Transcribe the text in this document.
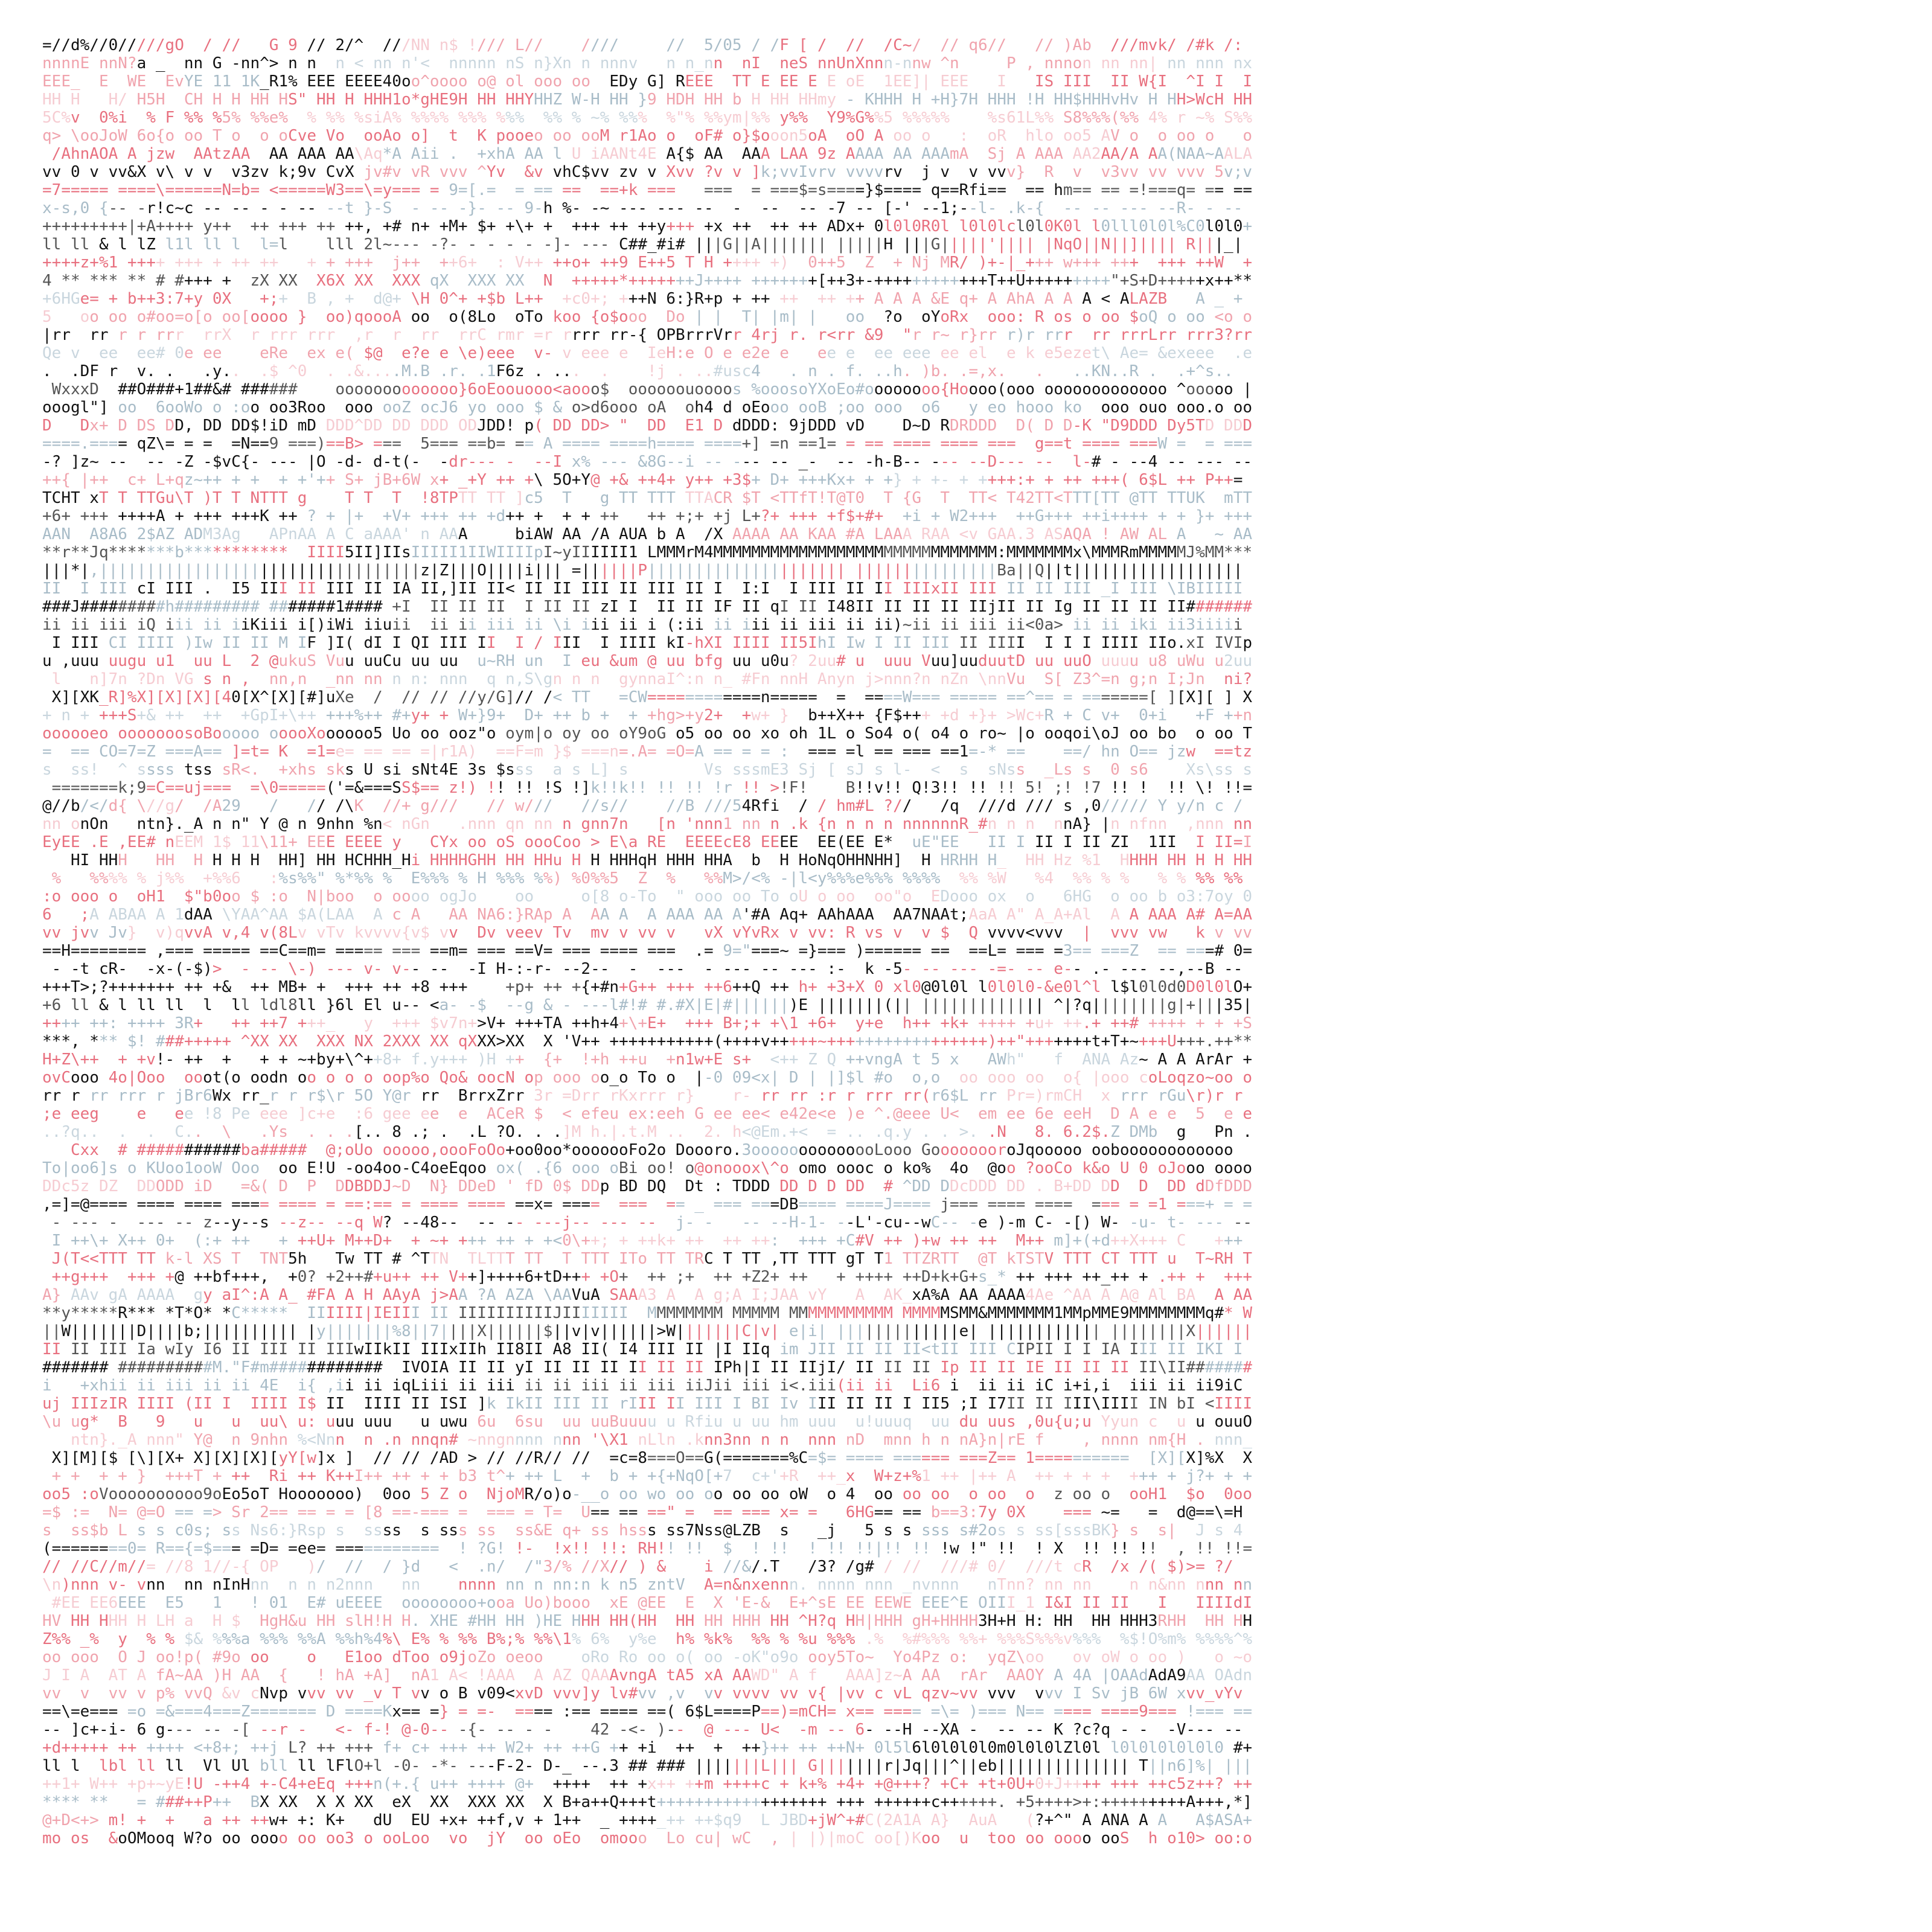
=//d%//0/////gO / // G 9 // 2/^ ///NN n$ !/// L// ////	// 5/05 / /F [ / // /C~/ // q6// // )Ab ///mvk/ /#k /:
nnnnE nnN?a _ nn G -nn^> n n n < nn n'< nnnnn nS n}Xn n nnnv n n_nn nI neS nnUnXnnn-nnw ^n	P , nnnon nn nn| nn nnn nx
EEE_ E WE EvYE 11 1K_R1% EEE EEEE40oo^oooo o@ ol ooo oo EDy G] REEE TT E EE E E oE 1EE]| EEE I IS III II W{I ^I I I
HH H H/ H5H CH H H HH HS" HH H HHH1o*gHE9H HH HHYHHZ W-H HH }9 HDH HH b H HH HHmy - KHHH H +H}7H HHH !H HH$HHHvHv H HH>WcH HH
5C%v 0%i % F %% %5% %%e% % %% %siA% %%%% %%% %%% %% % ~% %%% %"% %%ym|%% y%% Y9%G%%5 %%%%% %s61L%% S8%%%(%% 4% r ~% S%%
q> \ooJoW 6o{o oo T o o oCve Vo ooAo o] t K pooeo oo ooM r1Ao o oF# o}$ooon5oA oO A oo o : oR hlo oo5 AV o o oo o o
/AhnAOA A jzw AAtzAA AA AAA AA\Aq*A Aii . +xhA AA l U iAANt4E A{$ AA AAA LAA 9z AAAA AA AAAmA Sj A AAA AA2AA/A AA(NAA~AALA
vv 0 v vv&X v\ v v v3zv k;9v CvX jv#v vR vvv ^Yv &v vhC$vv zv v Xvv ?v v ]k;vvIvrv vvvvrv j v v vvv} R v v3vv vv vvv 5v;v
=7===== ====\======N=b= <=====W3==\=y=== = 9=[.= = == == ==+k === === = ===$=s====}$==== q==Rfi== == hm== == =!===q= == ==
x-s,0 {-- -r!c~c -- -- - - -- --t }-S - -- -}- -- 9-h %- -~ --- --- -- - -- -- -7 -- [-' --1;--l- .k-{ -- -- --- --R- - --
+++++++++|+A++++ y++ ++ +++ ++ ++, +# n+ +M+ $+ +\+ + +++ ++ ++y+++ +x ++ ++ ++ ADx+ 0l0l0R0l l0l0lcl0l0K0l l0lll0l0l%C0l0l0+
ll ll & l lZ l1l ll l l=l lll 2l~--- -?- - - - - -]- --- C##_#i# |||G||A||||||| |||||H |||G|||||'|||| |NqO||N||]|||| R|||_|
++++z+%1 ++++ +++ + ++ ++ + + +++ j++ ++6+ : V++ ++o+ ++9 E++5 T H ++++ +) 0++5 Z + Nj MR/ )+-|_+++ w+++ +++ +++ ++W +
4 ** *** ** # #+++ + zX XX X6X XX XXX qX XXX XX N +++++*+++++++J++++ +++++++[++3+-++++++++++++T++U+++++++++"+S+D+++++x++**
+6HGe= + b++3:7+y 0X +;+ B , + d@+ \H 0^+ +$b L++ +c0+; +++N 6:}R+p + ++ ++ ++ ++ A A A &E q+ A AhA A A A < ALAZB A _ +
5 oo oo o#oo=o[o oo[oooo } oo)qoooA oo o(8Lo oTo koo {o$ooo Do | | T| |m| | oo ?o oYoRx ooo: R os o oo $oQ o oo <o o
|rr rr r r rrr rrX r rrr rrr ,r r rr rrC rmr =r rrrr rr-{ OPBrrrVrr 4rj r. r<rr &9 "r r~ r}rr r)r rrr rr rrrLrr rrr3?rr
Qe v ee ee# 0e ee eRe ex e( $@ e?e e \e)eee v- v eee e IeH:e O e e2e e ee e ee eee ee el e k e5ezet\ Ae= &exeee .e
. .DF r v. . .y.. .$ ^0 . .&....M.B .r. .1F6z . ... . !j . ..#usc4 . n . f. ..h. )b. .=,x. . ..KN..R . .+^s..
WxxxD ##O###+1##&# ###### ooooooooooooo}6oEoouooo<aooo$ oooooouoooos %ooosoYXoEo#oooooooo{Hoooo(ooo ooooooooooooo ^ooooo |
ooogl"] oo 6ooWo o :oo oo3Roo ooo ooZ ocJ6 yo ooo $ & o>d6ooo oA oh4 d oEooo ooB ;oo ooo o6 y eo hooo ko ooo ouo ooo.o oo
D Dx+ D DS DD, DD DD$!iD mD DDD^DD DD DDD ODJDD! p( DD DD> " DD E1 D dDDD: 9jDDD vD D~D RDRDDD D( D D-K "D9DDD Dy5TD DDD
====.==== qZ\= = = =N==9 ===)==B> === 5=== ==b= == A ==== ====h==== ====+] =n ==1= = == ==== ==== === g==t ==== ===W = = ===
-? ]z~ -- -- -Z -$vC{- --- |O -d- d-t(- -dr--- - --I x% --- &8G--i -- --- -- _- -- -h-B-- --- --D--- -- l-# - --4 -- --- --
++{ |++ c+ L+qz~++ + + + +'++ S+ jB+6W x+ _+Y ++ +\ 5O+Y@ +& ++4+ y++ +3$+ D+ +++Kx+ + +} + +- + ++++:+ + ++ +++( 6$L ++ P++=
TCHT xT T TTGu\T )T T NTTT g T T T !8TPTT TT ]c5 T g TT TTT TTACR $T <TTfT!T@T0 T {G T TT< T42TT<TTT[TT @TT TTUK mTT
+6+ +++ ++++A + +++ +++K ++ ? + |+ +V+ +++ ++ +d++ + + + ++ ++ +;+ +j L+?+ +++ +f$+#+ +i + W2+++ ++G+++ ++i++++ + + }+ +++
AAN A8A6 2$AZ ADM3Ag APnAA A C aAAA' n AAA	biAW AA /A AUA b A /X AAAA AA KAA #A LAAA RAA <v GAA.3 ASAQA ! AW AL A ~ AA
**r**Jq*******b*********** IIII5II]IIsIIIII1IIWIIIIpI~yIIIIII1 LMMMrM4MMMMMMMMMMMMMMMMMMMMMMMMMMMMMM:MMMMMMMx\MMMRmMMMMMJ%MM***
|||*|,||||||||||||||||||||||||||||||||||z|Z|||O||||i||| =||||||P||||||||||||||||||||| |||||||||||||||Ba||Q||t||||||||||||||||||
II I III cI III . I5 III II III II IA II,]II II< II II III II III II I I:I I III II II IIIxII III II II III _I III \IBIIIII
###J#########h######### #######1#### +I II II II I II II zI I II II IF II qI II I48II II II II IIjII II Ig II II II II#######
ii ii iii iQ iii ii iiKiii i[)iWi iiuii ii ii iii ii \i iii ii i (:ii ii iii ii iii ii ii)~ii ii iii ii<0a> ii ii iki ii3iiiii
I III CI IIII )Iw II II M IF ]I( dI I QI III II I / III I IIII kI-hXI IIII II5IhI Iw I II III II IIII I I I IIII IIo.xI IVIp
u ,uuu uugu u1 uu L 2 @ukuS Vuu uuCu uu uu u~RH un I eu &um @ uu bfg uu u0u? 2uu# u uuu Vuu]uuduutD uu uuO uuuu u8 uWu u2uu
l n]7n ?Dn VG s n , nn,n _nn nn n n: nnn q n,S\gn n n gynnaI^:n n_ #Fn nnH Anyn j>nnn?n nZn \nnVu S[ Z3^=n g;n I;Jn ni?
X][XK_R]%X][X][X][40[X^[X][#]uXe / // // //y/G]// /< TT =CW============n===== = ====W=== ===== ==^== = =======[ ][X][ ] X
+ n + +++S+& ++ ++ +GpI+\++ +++%++ #+y+ + W+}9+ D+ ++ b + + +hg>+y2+ +w+ } b++X++ {F$+++ +d +}+ >Wc+R + C v+ 0+i +F ++n
oooooeo ooooooosoBooooo ooooXoooooo5 Uo oo ooz"o oym|o oy oo oY9oG o5 oo oo xo oh 1L o So4 o( o4 o ro~ |o ooqoi\oJ oo bo o oo T
= == CO=7=Z ===A== ]=t= K =1=e= == == =|r1A) ==F=m }$ ===n=.A= =O=A == = = : === =l == === ==1=-* == ==/ hn O== jzw ==tz
s ss! ^ ssss tss sR<. +xhs sks U si sNt4E 3s $sss a s L] s	Vs sssmE3 Sj [ sJ s l- < s sNss _Ls s 0 s6 Xs\ss s
=======k;9=C==uj=== =\0=====('=&===SS$== z!) !! !! !S !]k!!k!! !! !! !r !! >!F! B!!v!! Q!3!! !! !! 5! ;! !7 !! ! !! \! !!=
@//b/</d{ \//g/ /A29 / // /\K //+ g/// // w/// //s// //B ///54Rfi / / hm#L ?// /q ///d /// s ,0///// Y y/n c /
nn onOn ntn}._A n n" Y @ n 9nhn %n< nGn .nnn qn nn n gnn7n [n 'nnn1 nn n .k {n n n n nnnnnnR_#n n n nnA} |n nfnn ,nnn nn
EyEE .E ,EE# nEEM 1$ 11\11+ EEE EEEE y CYx oo oS oooCoo > E\a RE EEEEcE8 EEEE EE(EE E* uE"EE II I II I II ZI 1II I II=I
HI HHH HH H H H H HH] HH HCHHH_Hi HHHHGHH HH HHu H H HHHqH HHH HHA b H HoNqOHHNHH] H HRHH H_ HH Hz %1 HHHH HH H H HH
% %%%% % j%% +%%6 :%s%%" %*%% % E%%% % H %%% %%) %0%%5 Z % %%M>/<% -|l<y%%%e%%% %%%% %% %W %4 %% % % % % %% %%
:o ooo o oH1 $"b0oo $ :o N|boo o oooo ogJo oo	o[8 o-To " ooo oo To oU o oo oo"o EDooo ox o 6HG o oo b o3:7oy 0
6 ;A ABAA A 1dAA \YAA^AA $A(LAA A c A AA NA6:}RAp A AA A A AAA AA A'#A Aq+ AAhAAA AA7NAAt;AaA A" A_A+Al A A AAA A# A=AA
vv jvv Jv} v)qvvA v,4 v(8Lv vTv kvvvv{v$ vv Dv veev Tv mv v vv v vX vYvRx v vv: R vs v v $ Q vvvv<vvv | vvv vw k v vv
==H======== ,=== ===== ==C==m= ===== === ==m= === ==V= === ==== === .= 9="===~ =}=== )====== == ==L= === =3== ===Z == ===# 0=
- -t cR- -x-(-$)> - -- \-) --- v- v-- -- -I H-:-r- --2-- - --- - --- -- --- :- k -5- -- --- -=- -- e-- .- --- --,--B --
+++T>;?+++++++ ++ +& ++ MB+ + +++ ++ +8 +++ +p+ ++ +{+#n+G++ +++ ++6++Q ++ h+ +3+X 0 xl0@0l0l l0l0l0-&e0l^l l$l0l0d0D0l0lO+
+6 ll & l ll ll l ll ldl8ll }6l El u-- <a- -$ --g & - ---l#!# #.#X|E|#||||||)E |||||||(|| ||||||||||||| ^|?q||||||||g|+|||35|
++++ ++: ++++ 3R+ ++ ++7 +++_ y +++ $v7n+>V+ +++TA ++h+4+\+E+ +++ B+;+ +\1 +6+ y+e h++ +k+ ++++ +u+ ++.+ ++# ++++ + + +S
***, *** $! ###+++++ ^XX XX XXX NX 2XXX XX qXXX>XX X 'V++ +++++++++++(++++v+++++~+++++++++++++++++)++"+++++++t+T+~+++U+++.++**
H+Z\++ + +v!- ++ + + + ~+by+\^++8+ f.y+++ )H ++ {+ !+h ++u +n1w+E s+ <++ Z Q ++vngA t 5 x AWh" f ANA Az~ A A ArAr +
ovCooo 4o|Ooo ooot(o oodn oo o o o oop%o Qo& oocN op ooo oo_o To o |-0 09<x| D | |]$l #o o,o oo ooo oo o{ |ooo coLoqzo~oo o
rr r rr rrr r jBr6Wx rr_r r r$\r 5O Y@r rr BrrxZrr 3r =Drr rKxrrr r} r- rr rr :r r rrr rr(r6$L rr Pr=)rmCH x rrr rGu\r)r r
;e eeg e ee !8 Pe eee ]c+e :6 gee ee e ACeR $ < efeu ex:eeh G ee ee< e42e<e )e ^.@eee U< em ee 6e eeH D A e e 5 e e
..?q.. . . C.. \ .Ys . . .[.. 8 .; . .L ?O. . .]M h.|.t.M .. 2. h<@Em.+< = .. .q.y . . >. .N 8. 6.2$.Z DMb g Pn .
Cxx # ###########ba##### @;oUo ooooo,oooFoOo+oo0oo*ooooooFo2o Doooro.3oooooooooooooLooo GoooooooroJqooooo ooboooooooooooo
To|oo6]s o KUoo1ooW Ooo oo E!U -oo4oo-C4oeEqoo ox( .{6 ooo oBi oo! o@onooox\^o omo oooc o ko% 4o @oo ?ooCo k&o U 0 oJooo oooo
DDc5z DZ DDODD iD =&( D P DDBDDJ~D N} DDeD ' fD 0$ DDp BD DQ Dt : TDDD DD D D DD # ^DD DDcDDD DD . B+DD DD D DD dDfDDD
,=]=@==== ==== ==== ==== ==== = ==:== = ==== ==== ==x= ==== === == _ === ===DB==== ====J==== j=== ==== ==== === = =1 ===+ = =
- --- - --- -- z--y--s --z-- --q W? --48-- -- -- ---j-- --- -- j- - -- --H-1- --L'-cu--wC-- -e )-m C- -[) W- -u- t- --- --
I ++\+ X++ 0+ (:+ ++ + ++U+ M++D+ + ~+ +++ ++ + +<0\++; + ++k+ ++ ++ ++: +++ +C#V ++ )+w ++ ++ M++ m]+(+d++X+++ C +++
J(T<<TTT TT k-l XS T TNT5h Tw TT # ^TTN TLTTT TT T TTT ITo TT TRC T TT ,TT TTT gT T1 TTZRTT @T kTSTV TTT CT TTT u T~RH T
++g+++ +++ +@ ++bf+++, +0? +2++#+u++ ++ V++]++++6+tD+++ +O+ ++ ;+ ++ +Z2+ ++ + ++++ ++D+k+G+s_* ++ +++ ++_++ + .++ + +++
A} AAv gA AAAA gy aI^:A A_ #FA A H AAyA j>AA ?A AZA \AAVuA SAAA3 A A g;A I;JAA vY A AK_xA%A AA AAAA4Ae ^AA A A@ Al BA A AA
**y*****R*** *T*O* *C***** IIIIII|IEIII II IIIIIIIIIIJIIIIIII MMMMMMMM MMMMM MMMMMMMMMMM MMMMMSMM&MMMMMMM1MMpMME9MMMMMMMMq#* W
||W|||||||D||||b;|||||||||| |y|||||||%8||7||||X||||||$||v|v||||||>W|||||||C|v| e|i| |||||||||||||e| |||||||||||| ||||||||X||||||
II II III Ia wIy I6 II III II IIIwIIkII IIIxIIh II8II A8 II( I4 III II |I IIq im JII II II II<tII III CIPII I I IA III II IKI I
####### ##########M."F#m############ IVOIA II II yI II II II II II II IPh|I II IIjI/ II II II Ip II II IE II II II II\II#######
i +xhii ii iii ii ii 4E i{ ,ii ii iqLiii ii iii ii ii iii ii iii iiJii iii i<.iii(ii ii Li6 i ii ii iC i+i,i iii ii ii9iC
uj IIIzIR IIII (II I IIII I$ II IIII II ISI ]k IkII III II rIII II III I BI Iv III II II I II5 ;I I7II II III\IIII IN bI <IIII
\u ug* B 9 u u uu\ u: uuu uuu u uwu 6u 6su uu uuBuuuu u Rfiu u uu hm uuu u!uuuq uu du uus ,0u{u;u Yyun c u u ouuO
ntn}._A nnn" Y@ n 9nhn %<Nnn n .n nnqn# ~nngnnnn nnn '\X1 nLln .knn3nn n n nnn nD mnn h n nA}n|rE f , nnnn nm{H . nnn_
X][M][$ [\][X+ X][X][X][yY[w]x ] // // /AD > // //R// // =c=8===O==G(=======%C=$= ==== ====== ===Z== 1========== [X][X]%X X
+ + + + } +++T + ++ Ri ++ K++I++ ++ + + b3 t^+ ++ L + b + +{+NqO[+7 c+'+R ++_x W+z+%1 ++ |++ A ++ + + + +++ + j?+ + +
oo5 :oVoooooooooo9oEo5oT Hooooooo) 0oo 5 Z o NjoMR/o)o-__o oo wo oo oo oo oo oW o 4 oo oo oo o oo o z oo o ooH1 $o 0oo
=$ := N= @=O == => Sr 2== == = = [8 ==-=== = === = T= U== == ==" = == === x= = 6HG== == b==3:7y 0X === ~= = d@==\=H
s ss$b L s s c0s; ss Ns6:}Rsp s ssss s sss ss ss&E q+ ss hsss ss7Nss@LZB s _j 5 s s sss s#2os s ss[sssBK} s s| J s 4
(========0= R=={=$=== =D= =ee= =========== ! ?G! !- !x!! !!: RH!! !! $ ! !! ! !! !!|!! !! !w !" !! ! X !! !! !! , !! !!=
// //C//m//= //8 1//-{ OP )/ // / }d < .n/ /"3/% //X// ) & i //&/.T /3? /g# / // ///# 0/ ///t cR /x /( $)>= ?/
\n)nnn v- vnn nn nInHnn n n n2nnn nn nnnn nn n nn:n k n5 zntV A=n&nxennn. nnnn nnn _nvnnn nTnn? nn nn n n&nn nnn nn
#EE EE6EEE E5 1 ! 01 E# uEEEE oooooooo+ooa Uo)booo xE @EE E X 'E-& E+^sE EE EEWE EEE^E OIII_1 I&I II II I IIIIdI
HV HH HHH H LH a H $ HgH&u HH slH!H H. XHE #HH HH )HE HHH HH(HH HH HH HHH HH ^H?q HH|HHH gH+HHHH3H+H H: HH HH HHH3RHH HH HH
Z%% _% y % % $& %%%a %%% %%A %%h%4%\ E% % %% B%;% %%\1% 6% y%e h% %k% %% % %u %%% .% %#%%% %%+ %%%S%%%v%%% %$!O%m% %%%%^%
oo ooo O J oo!p( #9o oo o E1oo dToo o9joZo oeoo oRo Ro oo o( oo -oK"o9o ooy5To~ Yo4Pz o: yqZ\oo ov oW o oo ) o ~o
J I A AT A fA~AA )H AA { ! hA +A] nA1 A< !AAA A AZ QAAAvngA tA5 xA AAWD" A f AAA]z~A AA rAr AAOY A 4A |OAAdAdA9AA OAdn
vv v vv v p% vvQ &v cNvp vvv vv _v T vv o B v09<xvD vvv]y lv#vv ,v vv vvvv vv v{ |vv c vL qzv~vv vvv vvv I Sv jB 6W xvv_vYv
==\=e=== =o =&===4===Z======= D ====Kx== =} = =- ==== :== ==== ==( 6$L====P==)=mCH= x== ==== =\= )=== N== ==== ====9=== !=== ==
-- ]c+-i- 6 g--- -- -[ --r - <- f-! @-0-- -{- -- - - 42 -<- )-- @ --- U< -m -- 6- --H --XA - -- -- K ?c?q - - -V--- --
+d+++++ ++ ++++ <+8+; ++j L? ++ +++ f+ c+ +++ ++ W2+ ++ ++G ++ +i ++ + ++}++ ++ ++N+ 0l5l6l0l0l0l0m0l0l0lZl0l l0l0l0l0l0l0 #+
ll l lbl ll ll Vl Ul bll ll lFlO+l -0- -*- ---F-2- D-_ --.3 ## ### |||||||L||| G|||||||r|Jq|||^||eb|||||||||||||| T||n6]%| |||
++1+ W++ +p+~yE!U -++4 +-C4+eEq +++n(+.{ u++ ++++ @+ ++++ ++ +x++ ++m ++++c + k+% +4+ +@+++? +C+ +t+0U+0+J++++ +++ ++c5z++? ++
**** ** = ###++P++ BX XX X X XX eX XX XXX XX X B+a++Q+++t++++++++++++++++++ +++ ++++++c++++++. +5++++>+:+++++++++A+++,*]
@+D<+> m! + + a ++ ++w+ +: K+ dU EU +x+ ++f,v + 1++ _ ++++_++ ++$q9 L JBD+jW^+#C(2A1A A} AuA (?+^" A ANA A A A$ASA+
mo os &oOMooq W?o oo oooo oo oo3 o ooLoo vo jY oo oEo omooo Lo cu| wC , | |)|moC oo[)Koo u too oo oooo ooS h o10> oo:o
